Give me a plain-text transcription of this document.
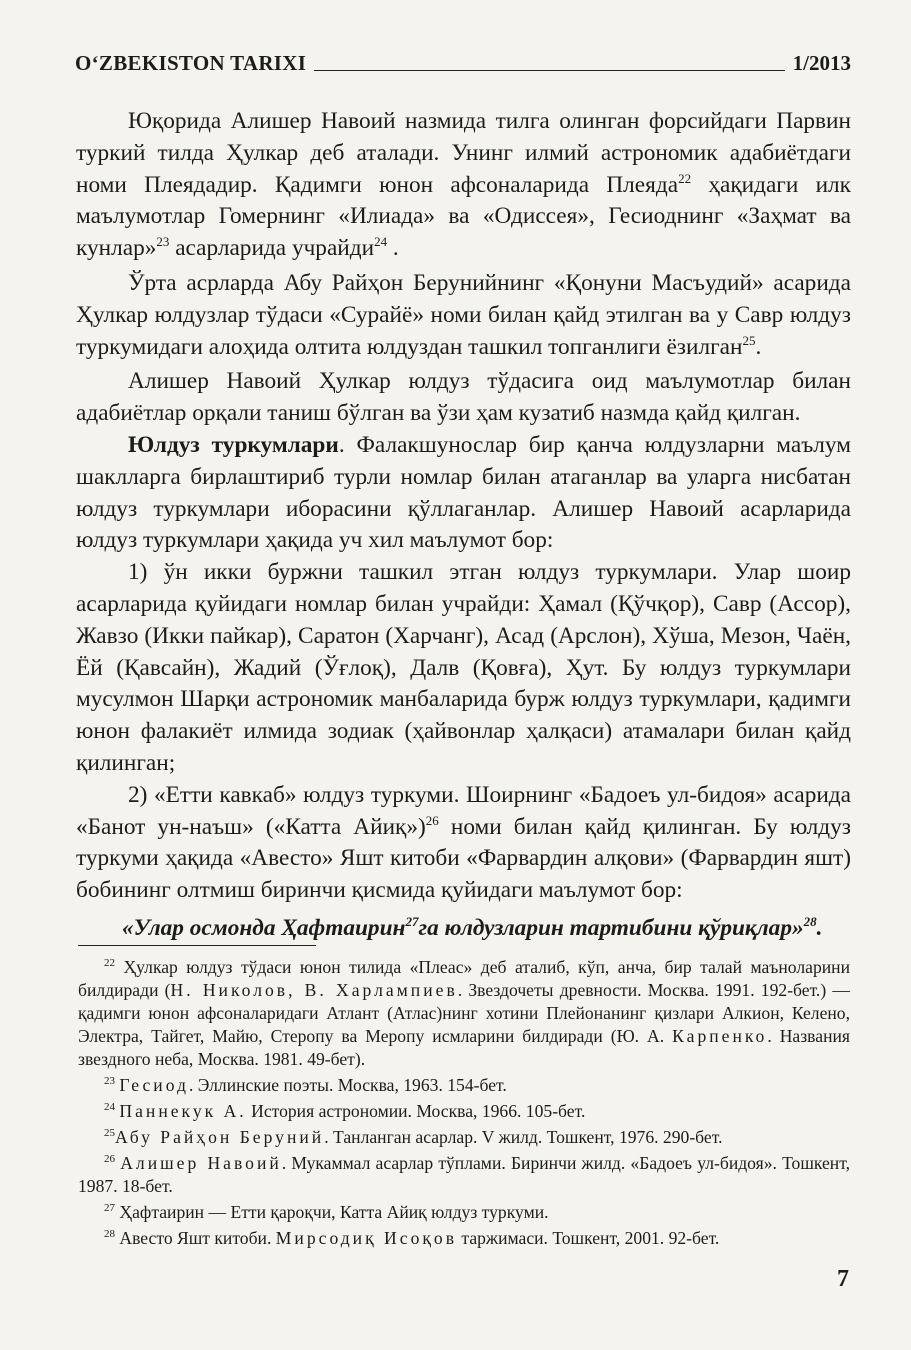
O‘ZBEKISTON TARIXI	1/2013

Юқорида Алишер Навоий назмида тилга олинган форсийдаги Парвин туркий тилда Ҳулкар деб аталади. Унинг илмий астрономик адабиётдаги номи Плеядадир. Қадимги юнон афсоналарида Плеяда$^{22}$ ҳақидаги илк маълумотлар Гомернинг «Илиада» ва «Одиссея», Гесиоднинг «Заҳмат ва кунлар»$^{23}$ асарларида учрайди$^{24}$ .

Ўрта асрларда Абу Райҳон Берунийнинг «Қонуни Масъудий» асарида Ҳулкар юлдузлар тўдаси «Сурайё» номи билан қайд этилган ва у Савр юлдуз туркумидаги алоҳида олтита юлдуздан ташкил топганлиги ёзилган$^{25}$.

Алишер Навоий Ҳулкар юлдуз тўдасига оид маълумотлар билан адабиётлар орқали таниш бўлган ва ўзи ҳам кузатиб назмда қайд қилган.

Юлдуз туркумлари. Фалакшунослар бир қанча юлдузларни маълум шаклларга бирлаштириб турли номлар билан атаганлар ва уларга нисбатан юлдуз туркумлари иборасини қўллаганлар. Алишер Навоий асарларида юлдуз туркумлари ҳақида уч хил маълумот бор:

1) ўн икки буржни ташкил этган юлдуз туркумлари. Улар шоир асарларида қуйидаги номлар билан учрайди: Ҳамал (Қўчқор), Савр (Ассор), Жавзо (Икки пайкар), Саратон (Харчанг), Асад (Арслон), Хўша, Мезон, Чаён, Ёй (Қавсайн), Жадий (Ўғлоқ), Далв (Қовға), Ҳут. Бу юлдуз туркумлари мусулмон Шарқи астрономик манбаларида бурж юлдуз туркумлари, қадимги юнон фалакиёт илмида зодиак (ҳайвонлар ҳалқаси) атамалари билан қайд қилинган;

2) «Етти кавкаб» юлдуз туркуми. Шоирнинг «Бадоеъ ул-бидоя» асарида «Банот ун-наъш» («Катта Айиқ»)$^{26}$ номи билан қайд қилинган. Бу юлдуз туркуми ҳақида «Авесто» Яшт китоби «Фарвардин алқови» (Фарвардин яшт) бобининг олтмиш биринчи қисмида қуйидаги маълумот бор:

«Улар осмонда Ҳафтаирин$^{27}$га юлдузларин тартибини қўриқлар»$^{28}$.

$^{22}$ Ҳулкар юлдуз тўдаси юнон тилида «Плеас» деб аталиб, кўп, анча, бир талай маъноларини билдиради (Н. Николов, В. Харлампиев. Звездочеты древности. Москва. 1991. 192-бет.) — қадимги юнон афсоналаридаги Атлант (Атлас)нинг хотини Плейонанинг қизлари Алкион, Келено, Электра, Тайгет, Майю, Стеропу ва Меропу исмларини билдиради (Ю. А. Карпенко. Названия звездного неба, Москва. 1981. 49-бет).

$^{23}$ Гесиод. Эллинские поэты. Москва, 1963. 154-бет.

$^{24}$ Паннекук А. История астрономии. Москва, 1966. 105-бет.

$^{25}$Абу Райҳон Беруний. Танланган асарлар. V жилд. Тошкент, 1976. 290-бет.

$^{26}$ Алишер Навоий. Мукаммал асарлар тўплами. Биринчи жилд. «Бадоеъ ул-бидоя». Тошкент, 1987. 18-бет.

$^{27}$ Ҳафтаирин — Етти қароқчи, Катта Айиқ юлдуз туркуми.

$^{28}$ Авесто Яшт китоби. Мирсодиқ Исоқов таржимаси. Тошкент, 2001. 92-бет.

7
